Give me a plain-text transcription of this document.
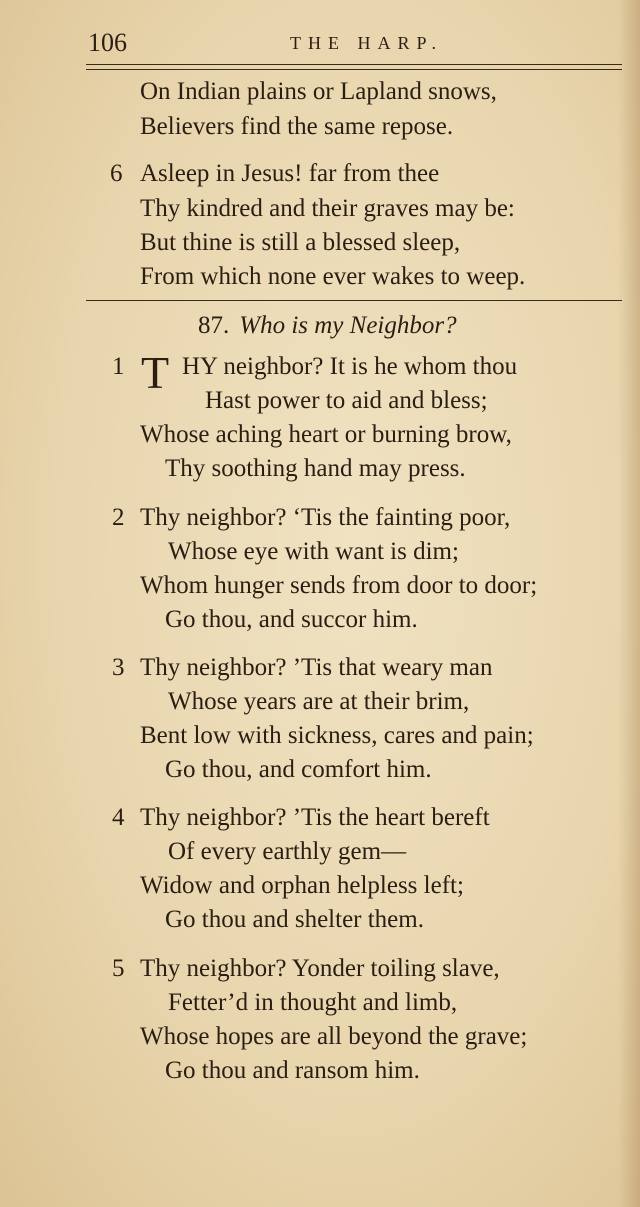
106	THE HARP.
On Indian plains or Lapland snows,
Believers find the same repose.
6 Asleep in Jesus! far from thee
Thy kindred and their graves may be:
But thine is still a blessed sleep,
From which none ever wakes to weep.
87. Who is my Neighbor?
1 T HY neighbor? It is he whom thou
Hast power to aid and bless;
Whose aching heart or burning brow,
Thy soothing hand may press.
2 Thy neighbor? ‘Tis the fainting poor,
Whose eye with want is dim;
Whom hunger sends from door to door;
Go thou, and succor him.
3 Thy neighbor? ’Tis that weary man
Whose years are at their brim,
Bent low with sickness, cares and pain;
Go thou, and comfort him.
4 Thy neighbor? ’Tis the heart bereft
Of every earthly gem—
Widow and orphan helpless left;
Go thou and shelter them.
5 Thy neighbor? Yonder toiling slave,
Fetter’d in thought and limb,
Whose hopes are all beyond the grave;
Go thou and ransom him.
